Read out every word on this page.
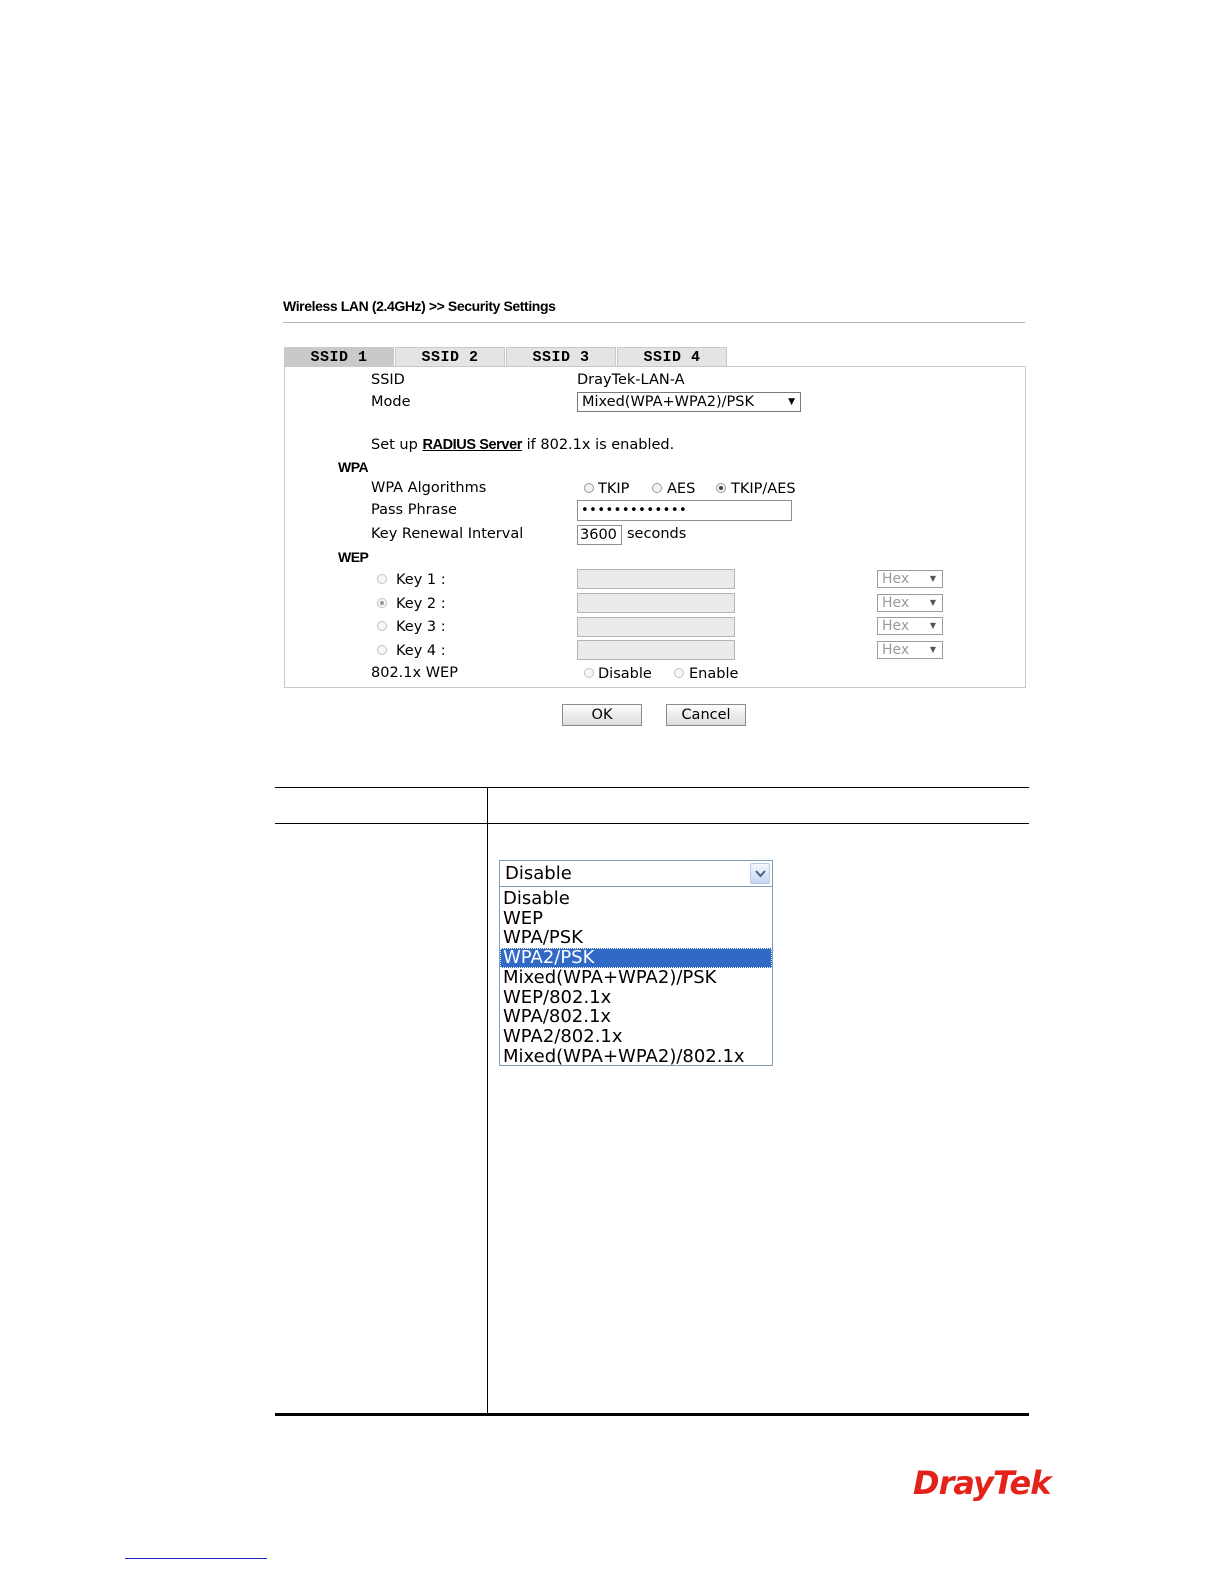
Wireless LAN (2.4GHz) >> Security Settings
SSID 1	SSID 2	SSID 3	SSID 4
SSID	DrayTek-LAN-A
Mode	Mixed(WPA+WPA2)/PSK	▼
Set up RADIUS Server if 802.1x is enabled.
WPA
WPA Algorithms	TKIP	AES TKIP/AES
Pass Phrase	•••••••••••••
Key Renewal Interval	3600 seconds
WEP
Key 1 :	Hex	▼
Key 2 :	Hex	▼
Key 3 :	Hex	▼
Key 4 :	Hex	▼
802.1x WEP	Disable	Enable
OK	Cancel
Disable
Disable
WEP
WPA/PSK
WPA2/PSK
Mixed(WPA+WPA2)/PSK
WEP/802.1x
WPA/802.1x
WPA2/802.1x
Mixed(WPA+WPA2)/802.1x
DrayTek
